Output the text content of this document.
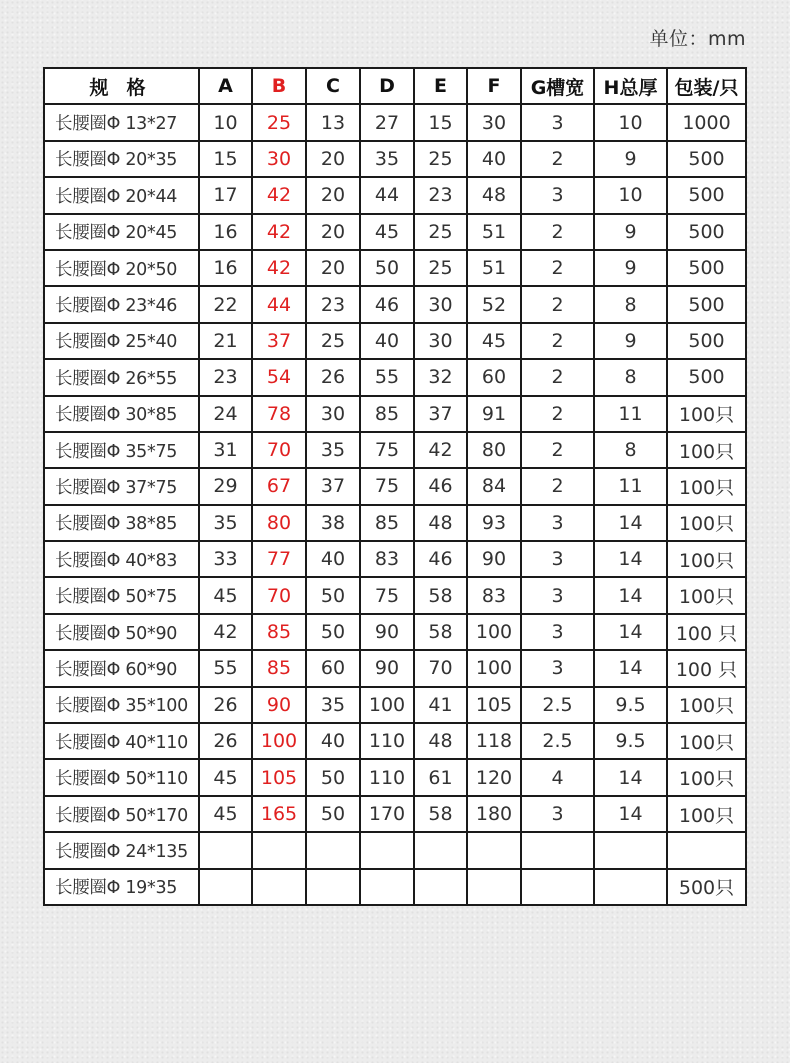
单位：mm
规格	A	B	C	D	E	F	G槽宽	H总厚	包装/只
长腰圈Φ 13*27	10	25	13	27	15	30	3	10	1000
长腰圈Φ 20*35	15	30	20	35	25	40	2	9	500
长腰圈Φ 20*44	17	42	20	44	23	48	3	10	500
长腰圈Φ 20*45	16	42	20	45	25	51	2	9	500
长腰圈Φ 20*50	16	42	20	50	25	51	2	9	500
长腰圈Φ 23*46	22	44	23	46	30	52	2	8	500
长腰圈Φ 25*40	21	37	25	40	30	45	2	9	500
长腰圈Φ 26*55	23	54	26	55	32	60	2	8	500
长腰圈Φ 30*85	24	78	30	85	37	91	2	11	100只
长腰圈Φ 35*75	31	70	35	75	42	80	2	8	100只
长腰圈Φ 37*75	29	67	37	75	46	84	2	11	100只
长腰圈Φ 38*85	35	80	38	85	48	93	3	14	100只
长腰圈Φ 40*83	33	77	40	83	46	90	3	14	100只
长腰圈Φ 50*75	45	70	50	75	58	83	3	14	100只
长腰圈Φ 50*90	42	85	50	90	58	100	3	14	100 只
长腰圈Φ 60*90	55	85	60	90	70	100	3	14	100 只
长腰圈Φ 35*100	26	90	35	100	41	105	2.5	9.5	100只
长腰圈Φ 40*110	26	100	40	110	48	118	2.5	9.5	100只
长腰圈Φ 50*110	45	105	50	110	61	120	4	14	100只
长腰圈Φ 50*170	45	165	50	170	58	180	3	14	100只
长腰圈Φ 24*135									
长腰圈Φ 19*35									500只
